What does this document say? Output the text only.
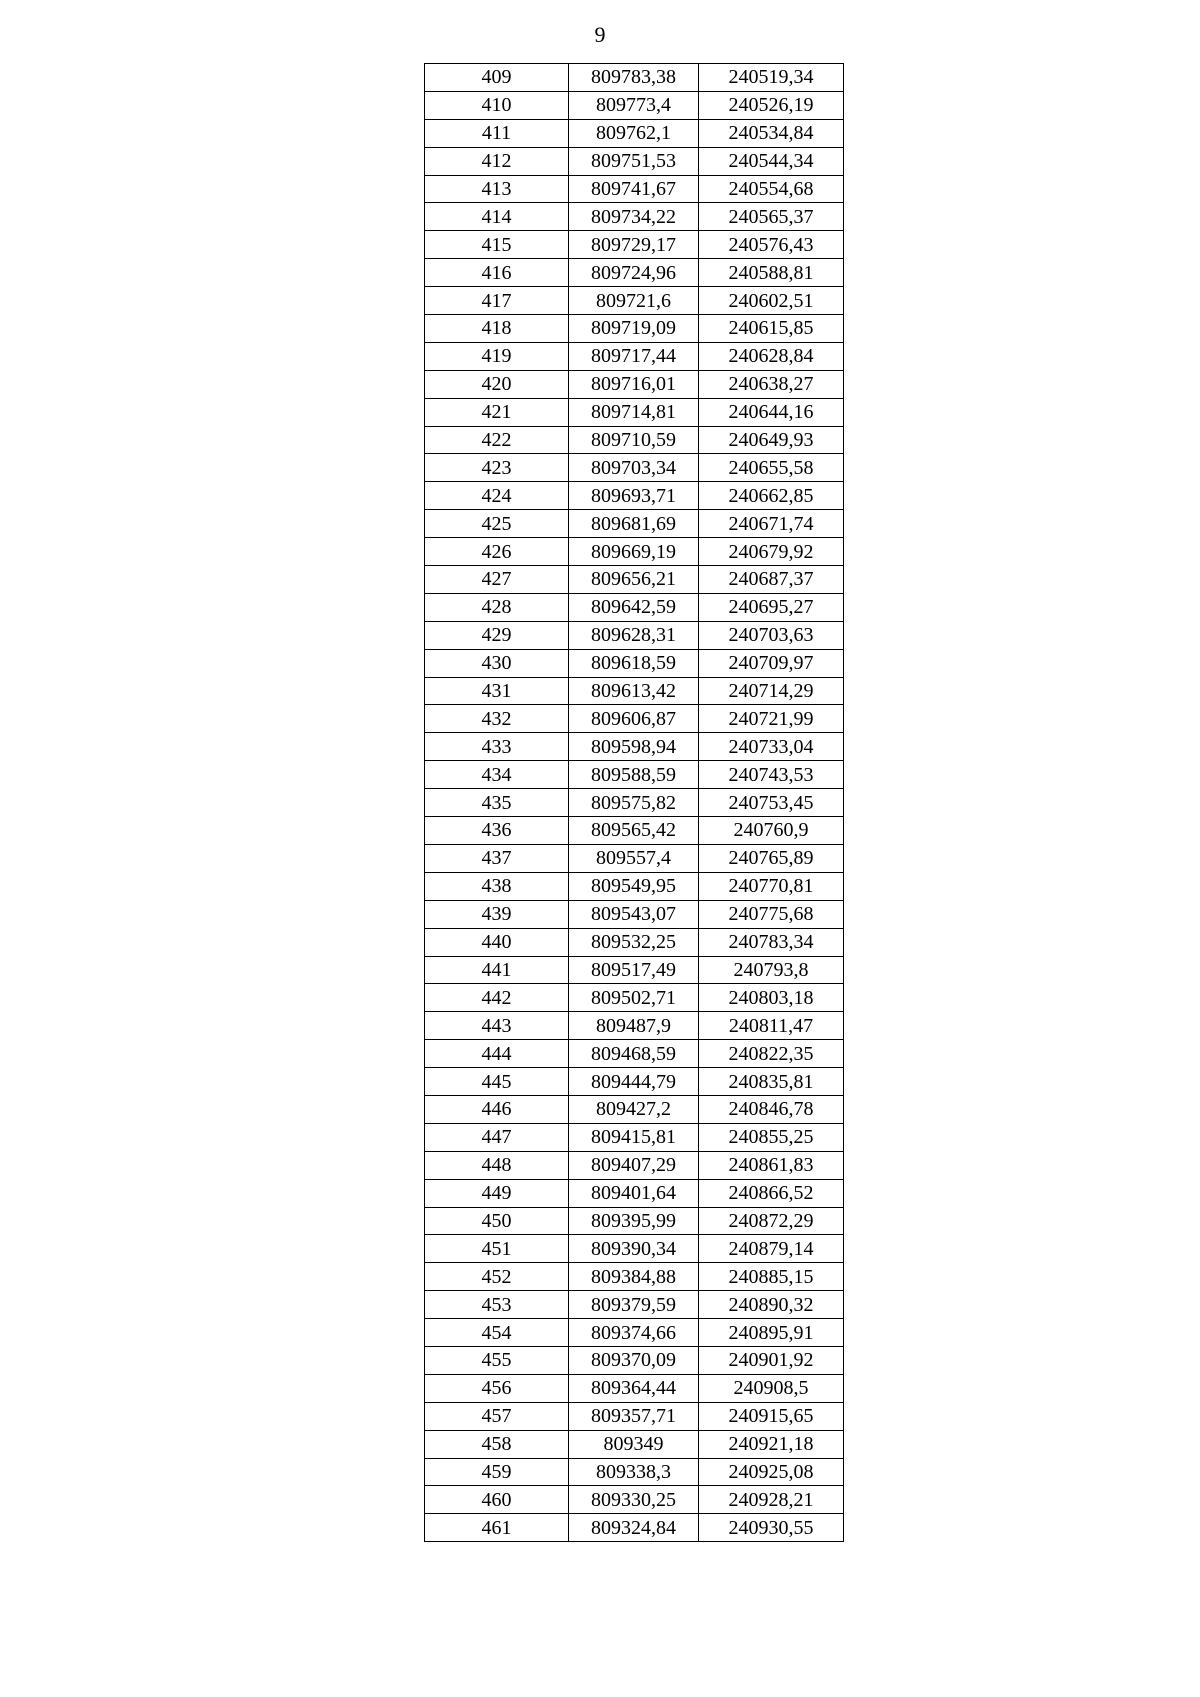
9
409	809783,38	240519,34
410	809773,4	240526,19
411	809762,1	240534,84
412	809751,53	240544,34
413	809741,67	240554,68
414	809734,22	240565,37
415	809729,17	240576,43
416	809724,96	240588,81
417	809721,6	240602,51
418	809719,09	240615,85
419	809717,44	240628,84
420	809716,01	240638,27
421	809714,81	240644,16
422	809710,59	240649,93
423	809703,34	240655,58
424	809693,71	240662,85
425	809681,69	240671,74
426	809669,19	240679,92
427	809656,21	240687,37
428	809642,59	240695,27
429	809628,31	240703,63
430	809618,59	240709,97
431	809613,42	240714,29
432	809606,87	240721,99
433	809598,94	240733,04
434	809588,59	240743,53
435	809575,82	240753,45
436	809565,42	240760,9
437	809557,4	240765,89
438	809549,95	240770,81
439	809543,07	240775,68
440	809532,25	240783,34
441	809517,49	240793,8
442	809502,71	240803,18
443	809487,9	240811,47
444	809468,59	240822,35
445	809444,79	240835,81
446	809427,2	240846,78
447	809415,81	240855,25
448	809407,29	240861,83
449	809401,64	240866,52
450	809395,99	240872,29
451	809390,34	240879,14
452	809384,88	240885,15
453	809379,59	240890,32
454	809374,66	240895,91
455	809370,09	240901,92
456	809364,44	240908,5
457	809357,71	240915,65
458	809349	240921,18
459	809338,3	240925,08
460	809330,25	240928,21
461	809324,84	240930,55
